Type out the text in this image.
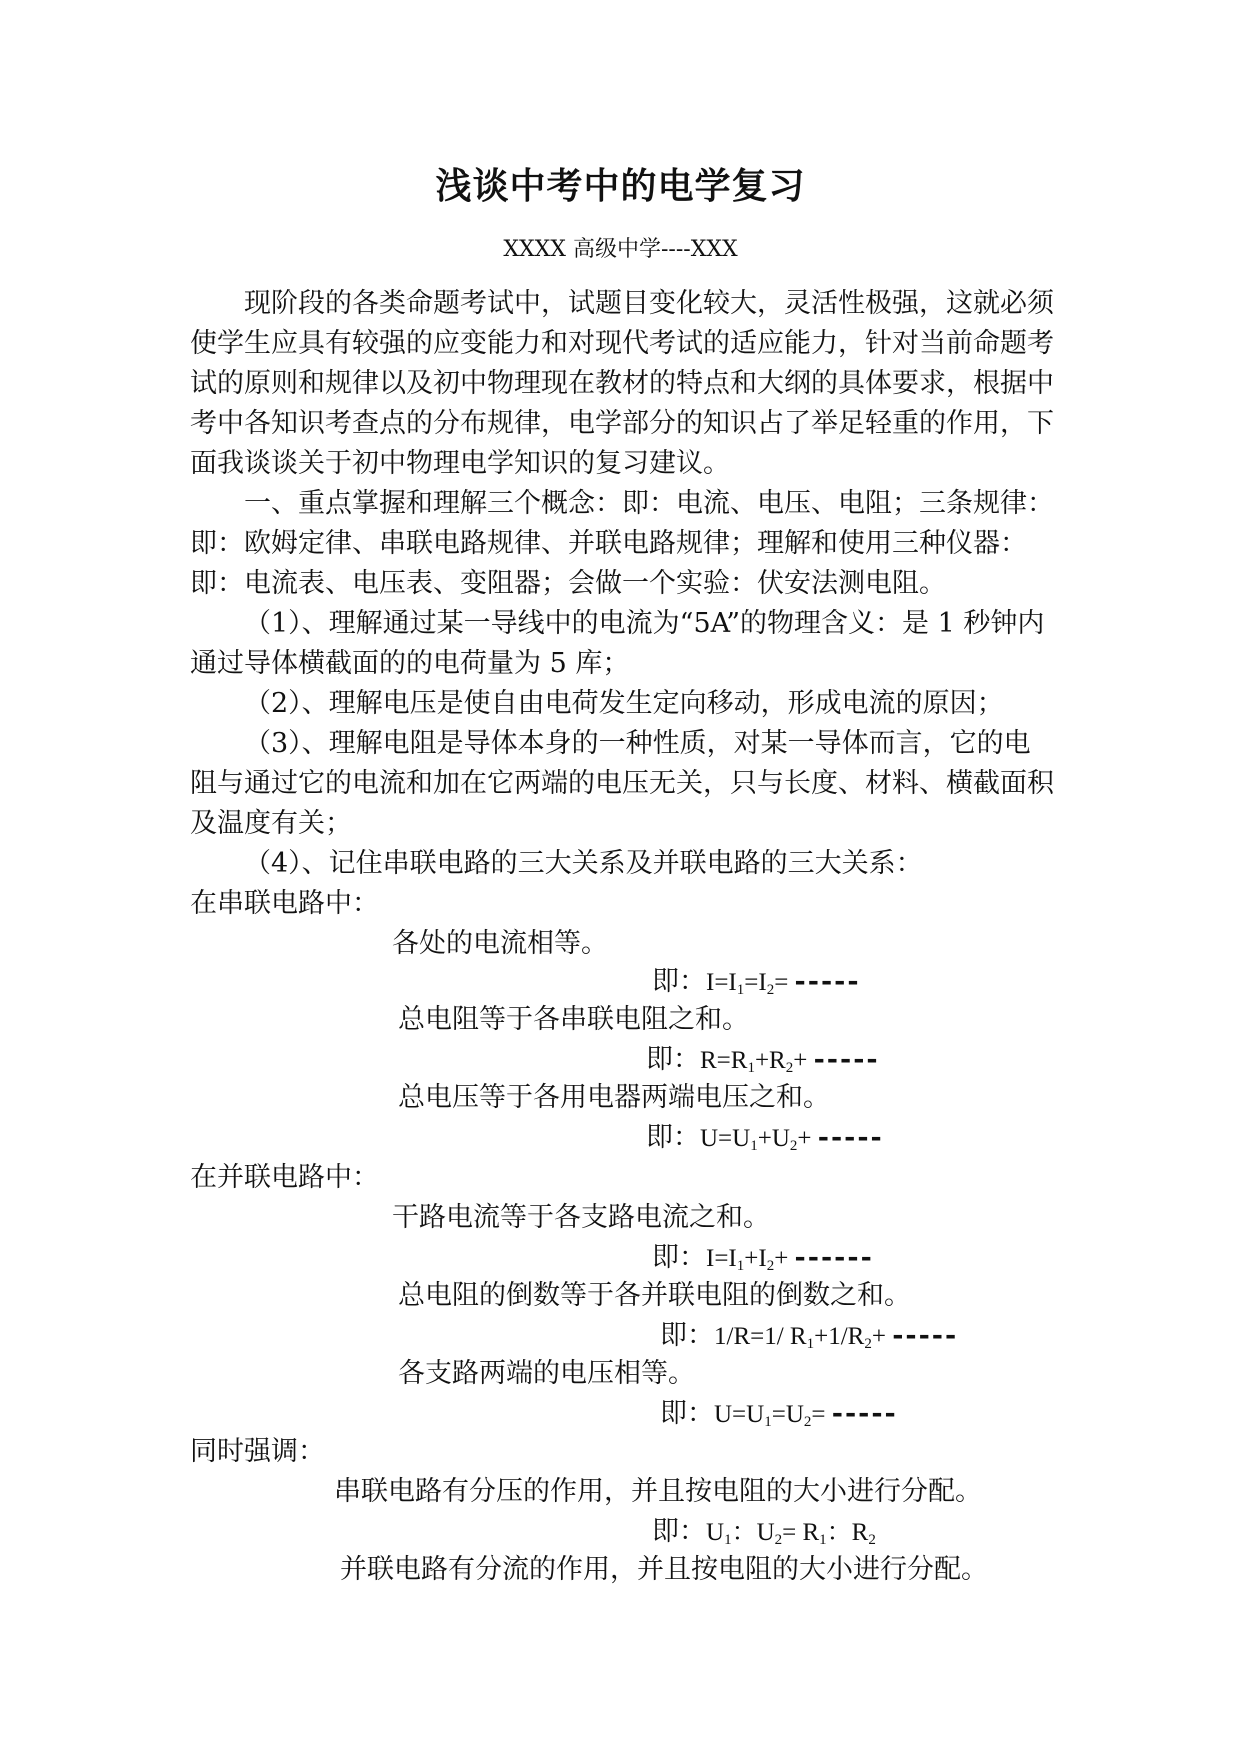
浅谈中考中的电学复习
XXXX 高级中学----XXX

现阶段的各类命题考试中，试题目变化较大，灵活性极强，这就必须使学生应具有较强的应变能力和对现代考试的适应能力，针对当前命题考试的原则和规律以及初中物理现在教材的特点和大纲的具体要求，根据中考中各知识考查点的分布规律，电学部分的知识占了举足轻重的作用，下面我谈谈关于初中物理电学知识的复习建议。

一、重点掌握和理解三个概念：即：电流、电压、电阻；三条规律：即：欧姆定律、串联电路规律、并联电路规律；理解和使用三种仪器：即：电流表、电压表、变阻器；会做一个实验：伏安法测电阻。

（1）、理解通过某一导线中的电流为“5A”的物理含义：是 1 秒钟内通过导体横截面的的电荷量为 5 库；

（2）、理解电压是使自由电荷发生定向移动，形成电流的原因；

（3）、理解电阻是导体本身的一种性质，对某一导体而言，它的电阻与通过它的电流和加在它两端的电压无关，只与长度、材料、横截面积及温度有关；

（4）、记住串联电路的三大关系及并联电路的三大关系：

在串联电路中：
各处的电流相等。
即：$I=I_1=I_2=$ -----
总电阻等于各串联电阻之和。
即：$R=R_1+R_2+$ -----
总电压等于各用电器两端电压之和。
即：$U=U_1+U_2+$ -----
在并联电路中：
干路电流等于各支路电流之和。
即：$I=I_1+I_2+$ ------
总电阻的倒数等于各并联电阻的倒数之和。
即：1/R=1/ $R_1+1/R_2+$ -----
各支路两端的电压相等。
即：$U=U_1=U_2=$ -----
同时强调：
串联电路有分压的作用，并且按电阻的大小进行分配。
即：$U_1$：$U_2= R_1$：$R_2$
并联电路有分流的作用，并且按电阻的大小进行分配。
